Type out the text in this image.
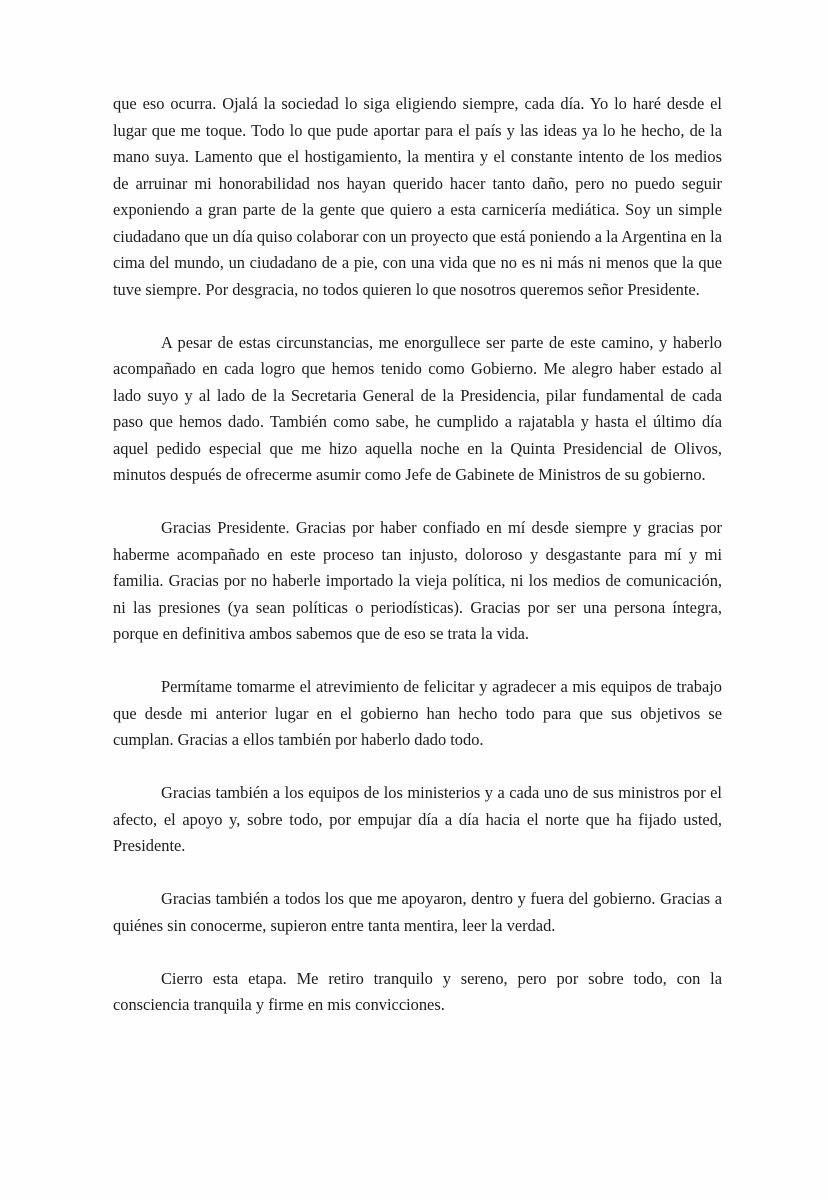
que eso ocurra. Ojalá la sociedad lo siga eligiendo siempre, cada día. Yo lo haré desde el lugar que me toque. Todo lo que pude aportar para el país y las ideas ya lo he hecho, de la mano suya. Lamento que el hostigamiento, la mentira y el constante intento de los medios de arruinar mi honorabilidad nos hayan querido hacer tanto daño, pero no puedo seguir exponiendo a gran parte de la gente que quiero a esta carnicería mediática. Soy un simple ciudadano que un día quiso colaborar con un proyecto que está poniendo a la Argentina en la cima del mundo, un ciudadano de a pie, con una vida que no es ni más ni menos que la que tuve siempre. Por desgracia, no todos quieren lo que nosotros queremos señor Presidente.

A pesar de estas circunstancias, me enorgullece ser parte de este camino, y haberlo acompañado en cada logro que hemos tenido como Gobierno. Me alegro haber estado al lado suyo y al lado de la Secretaria General de la Presidencia, pilar fundamental de cada paso que hemos dado. También como sabe, he cumplido a rajatabla y hasta el último día aquel pedido especial que me hizo aquella noche en la Quinta Presidencial de Olivos, minutos después de ofrecerme asumir como Jefe de Gabinete de Ministros de su gobierno.

Gracias Presidente. Gracias por haber confiado en mí desde siempre y gracias por haberme acompañado en este proceso tan injusto, doloroso y desgastante para mí y mi familia. Gracias por no haberle importado la vieja política, ni los medios de comunicación, ni las presiones (ya sean políticas o periodísticas). Gracias por ser una persona íntegra, porque en definitiva ambos sabemos que de eso se trata la vida.

Permítame tomarme el atrevimiento de felicitar y agradecer a mis equipos de trabajo que desde mi anterior lugar en el gobierno han hecho todo para que sus objetivos se cumplan. Gracias a ellos también por haberlo dado todo.

Gracias también a los equipos de los ministerios y a cada uno de sus ministros por el afecto, el apoyo y, sobre todo, por empujar día a día hacia el norte que ha fijado usted, Presidente.

Gracias también a todos los que me apoyaron, dentro y fuera del gobierno. Gracias a quiénes sin conocerme, supieron entre tanta mentira, leer la verdad.

Cierro esta etapa. Me retiro tranquilo y sereno, pero por sobre todo, con la consciencia tranquila y firme en mis convicciones.
